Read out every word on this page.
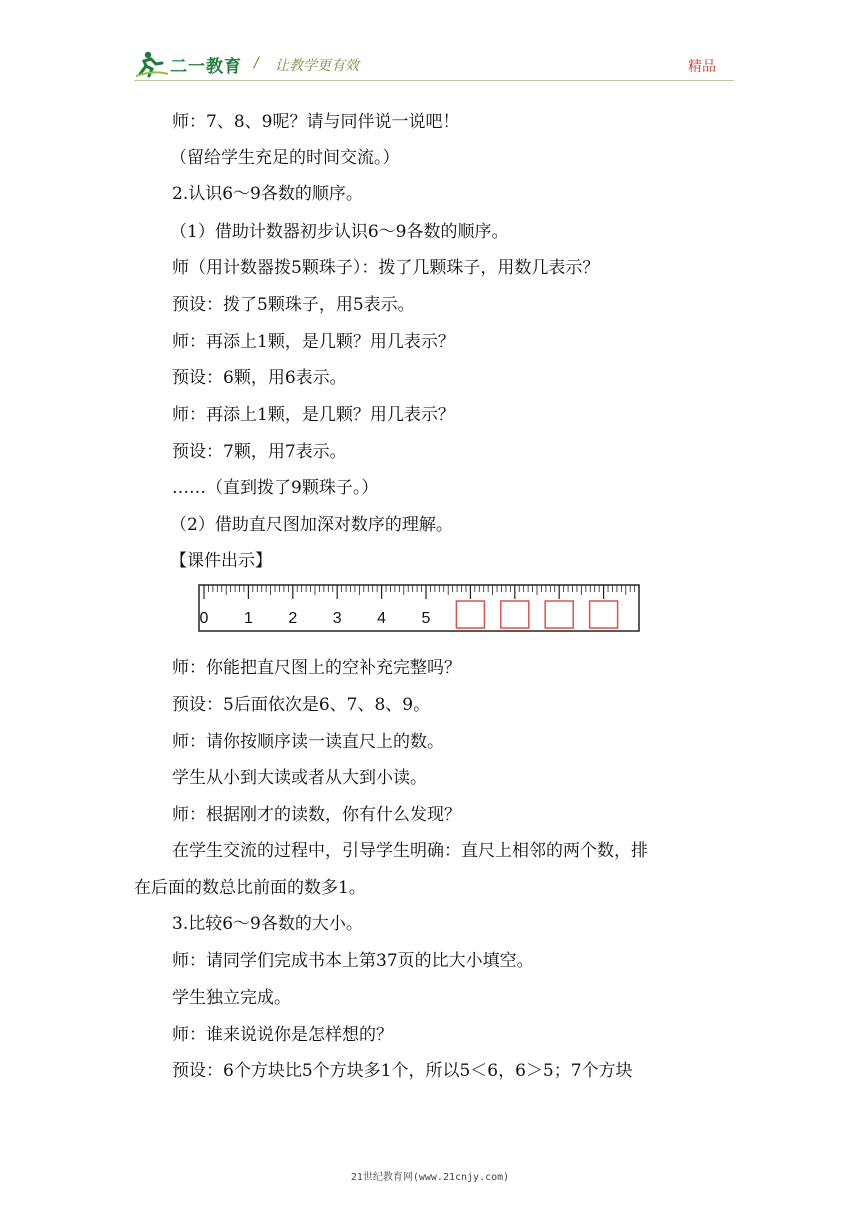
二一教育 / 让教学更有效	精品
师：7、8、9呢？请与同伴说一说吧！
（留给学生充足的时间交流。）
2.认识6～9各数的顺序。
（1）借助计数器初步认识6～9各数的顺序。
师（用计数器拨5颗珠子）：拨了几颗珠子，用数几表示？
预设：拨了5颗珠子，用5表示。
师：再添上1颗，是几颗？用几表示？
预设：6颗，用6表示。
师：再添上1颗，是几颗？用几表示？
预设：7颗，用7表示。
……（直到拨了9颗珠子。）
（2）借助直尺图加深对数序的理解。
【课件出示】
0 1 2 3 4 5
师：你能把直尺图上的空补充完整吗？
预设：5后面依次是6、7、8、9。
师：请你按顺序读一读直尺上的数。
学生从小到大读或者从大到小读。
师：根据刚才的读数，你有什么发现？
在学生交流的过程中，引导学生明确：直尺上相邻的两个数，排
在后面的数总比前面的数多1。
3.比较6～9各数的大小。
师：请同学们完成书本上第37页的比大小填空。
学生独立完成。
师：谁来说说你是怎样想的？
预设：6个方块比5个方块多1个，所以5＜6，6＞5；7个方块
21世纪教育网(www.21cnjy.com)
